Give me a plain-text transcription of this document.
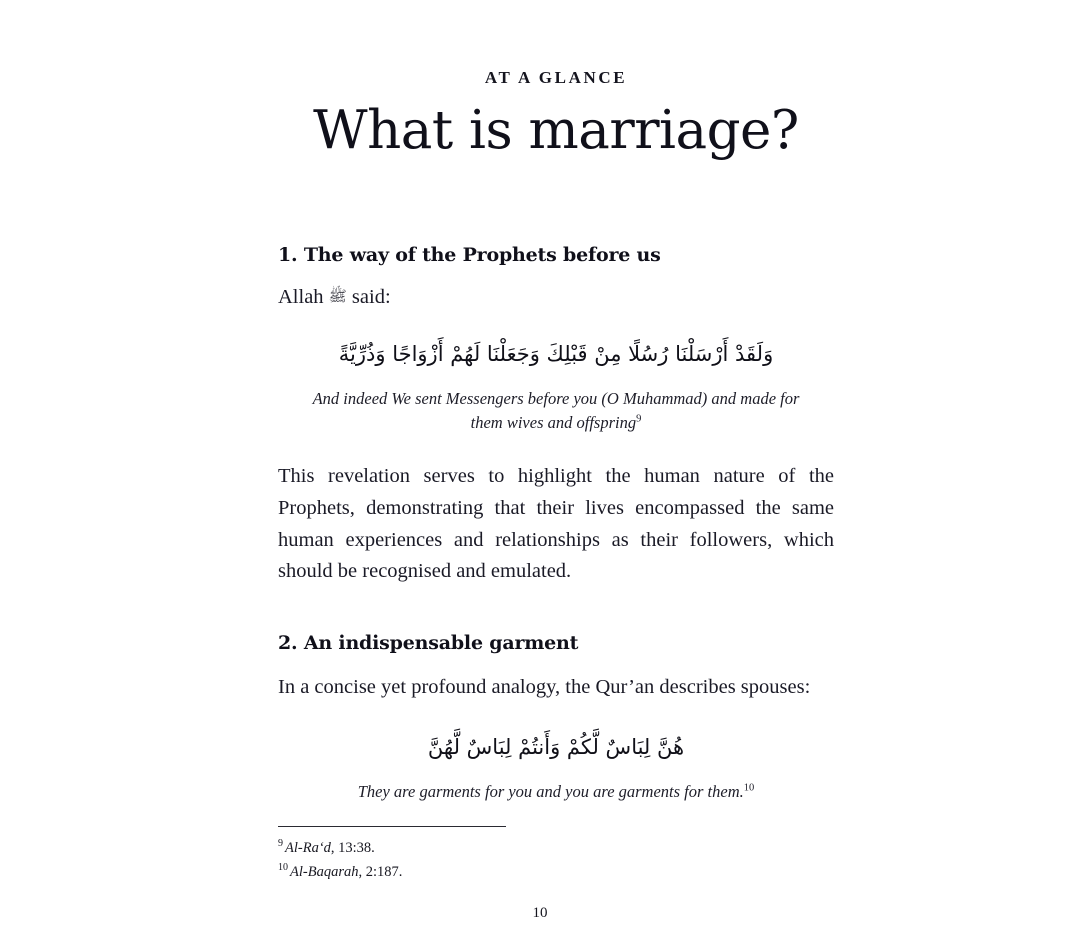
AT A GLANCE
What is marriage?
1. The way of the Prophets before us
Allah ﷺ said:
وَلَقَدْ أَرْسَلْنَا رُسُلًا مِنْ قَبْلِكَ وَجَعَلْنَا لَهُمْ أَزْوَاجًا وَذُرِّيَّةً
And indeed We sent Messengers before you (O Muhammad) and made for them wives and offspring$^9$
This revelation serves to highlight the human nature of the Prophets, demonstrating that their lives encompassed the same human experiences and relationships as their followers, which should be recognised and emulated.
2. An indispensable garment
In a concise yet profound analogy, the Qur’an describes spouses:
هُنَّ لِبَاسٌ لَّكُمْ وَأَنتُمْ لِبَاسٌ لَّهُنَّ
They are garments for you and you are garments for them.$^{10}$
$^9$ Al-Ra‘d, 13:38.
$^{10}$ Al-Baqarah, 2:187.
10
